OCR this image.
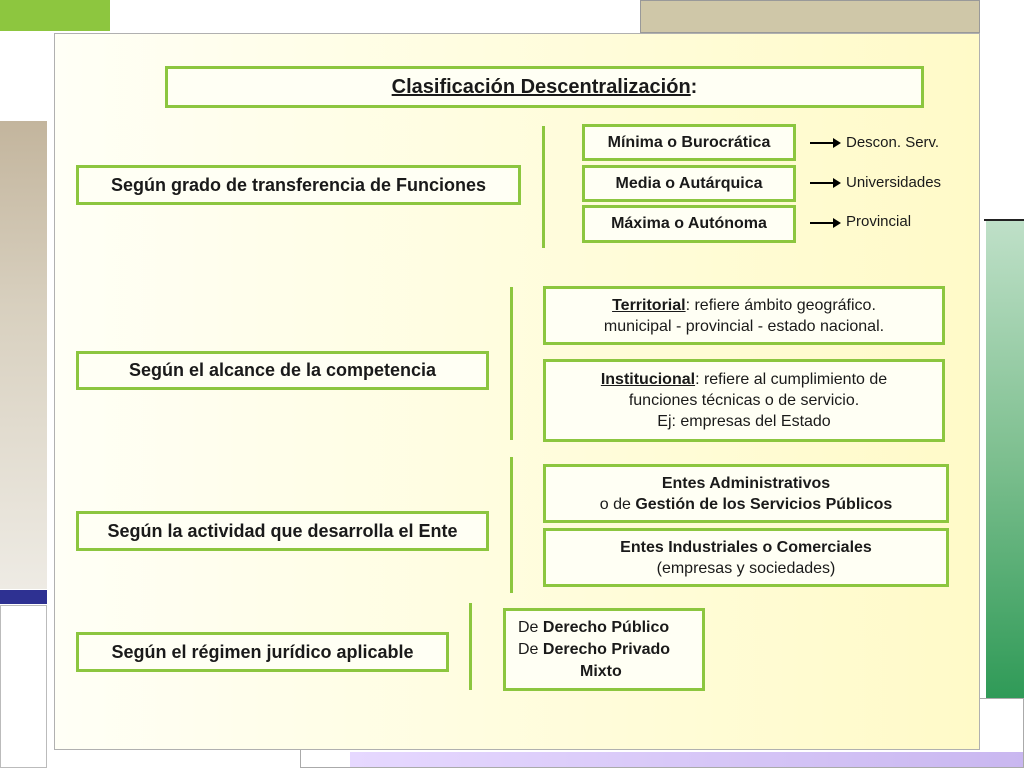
Clasificación Descentralización:
Según grado de transferencia de Funciones
Mínima o Burocrática	Descon. Serv.
Media o Autárquica	Universidades
Máxima o Autónoma	Provincial
Según el alcance de la competencia
Territorial: refiere ámbito geográfico.
municipal - provincial - estado nacional.
Institucional: refiere al cumplimiento de
funciones técnicas o de servicio.
Ej: empresas del Estado
Según la actividad que desarrolla el Ente
Entes Administrativos
o de Gestión de los Servicios Públicos
Entes Industriales o Comerciales
(empresas y sociedades)
Según el régimen jurídico aplicable
De Derecho Público
De Derecho Privado
Mixto
